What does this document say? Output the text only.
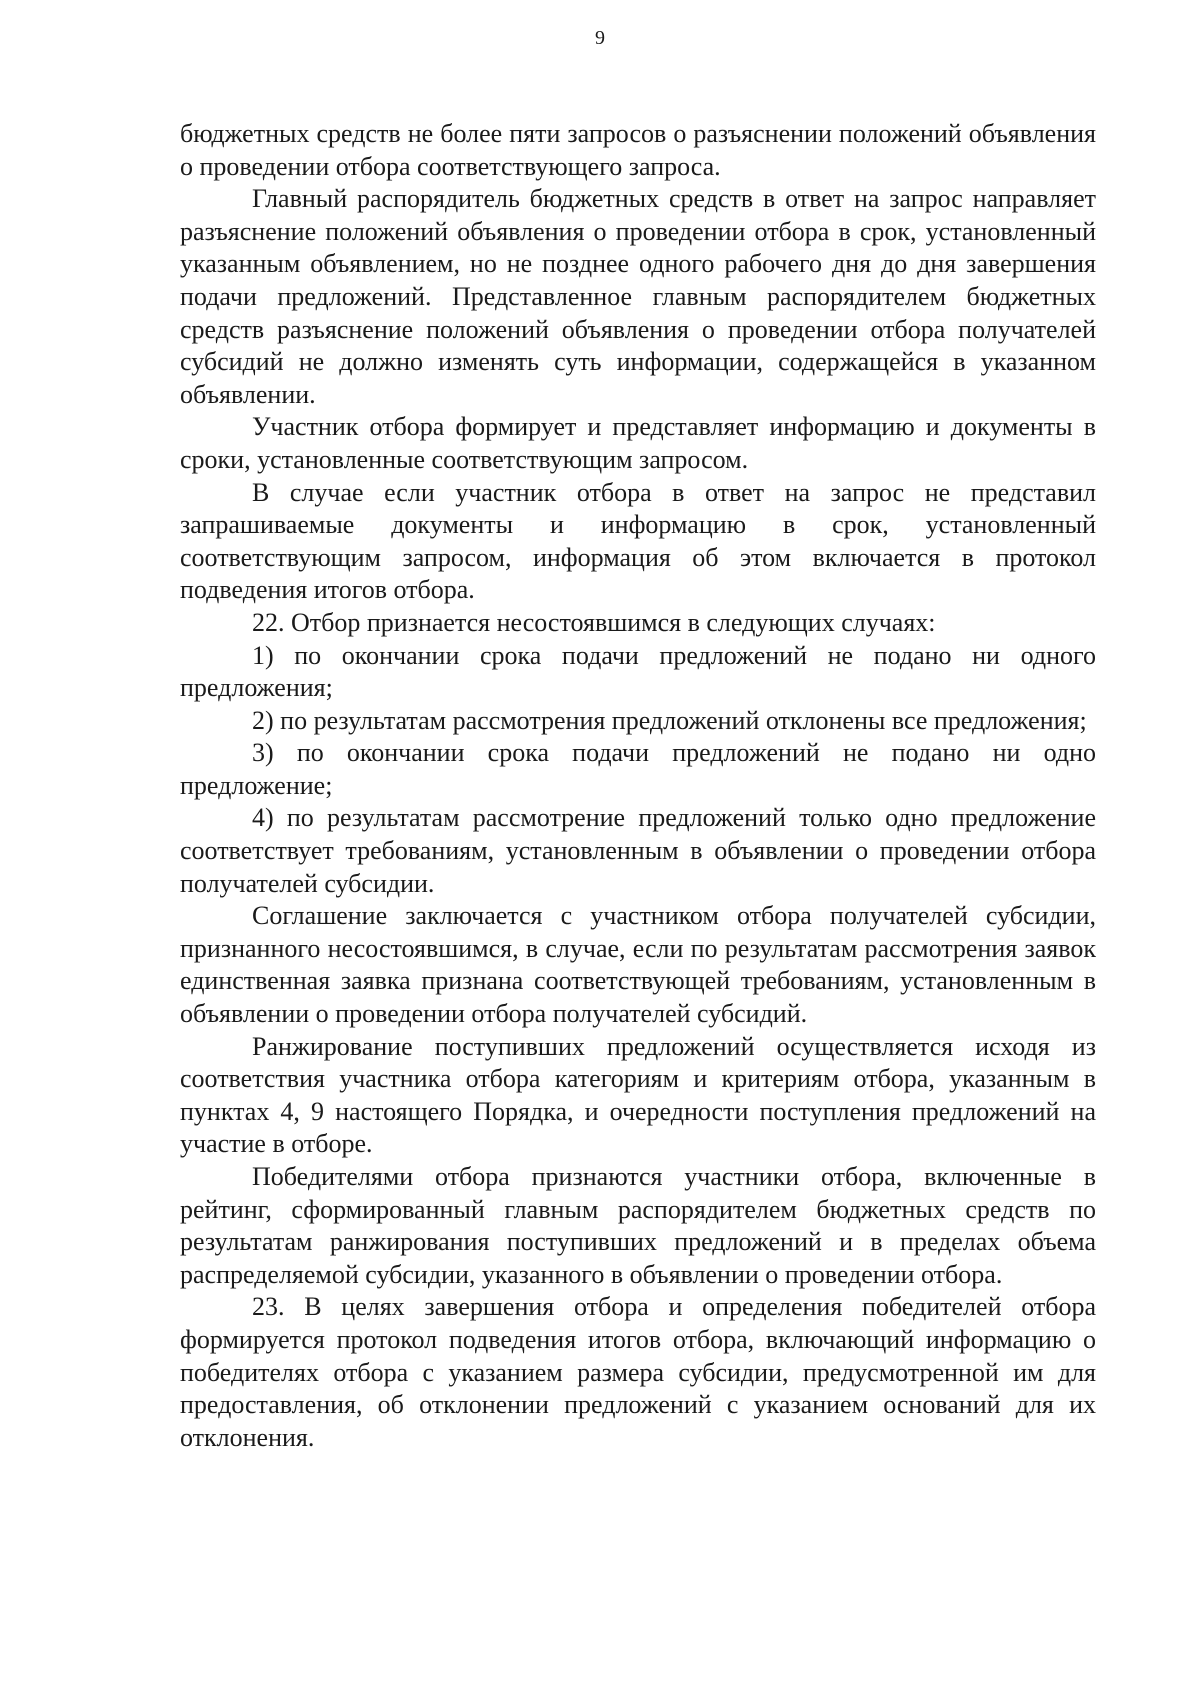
9

бюджетных средств не более пяти запросов о разъяснении положений объявления о проведении отбора соответствующего запроса.

Главный распорядитель бюджетных средств в ответ на запрос направляет разъяснение положений объявления о проведении отбора в срок, установленный указанным объявлением, но не позднее одного рабочего дня до дня завершения подачи предложений. Представленное главным распорядителем бюджетных средств разъяснение положений объявления о проведении отбора получателей субсидий не должно изменять суть информации, содержащейся в указанном объявлении.

Участник отбора формирует и представляет информацию и документы в сроки, установленные соответствующим запросом.

В случае если участник отбора в ответ на запрос не представил запрашиваемые документы и информацию в срок, установленный соответствующим запросом, информация об этом включается в протокол подведения итогов отбора.

22. Отбор признается несостоявшимся в следующих случаях:

1) по окончании срока подачи предложений не подано ни одного предложения;

2) по результатам рассмотрения предложений отклонены все предложения;

3) по окончании срока подачи предложений не подано ни одно предложение;

4) по результатам рассмотрение предложений только одно предложение соответствует требованиям, установленным в объявлении о проведении отбора получателей субсидии.

Соглашение заключается с участником отбора получателей субсидии, признанного несостоявшимся, в случае, если по результатам рассмотрения заявок единственная заявка признана соответствующей требованиям, установленным в объявлении о проведении отбора получателей субсидий.

Ранжирование поступивших предложений осуществляется исходя из соответствия участника отбора категориям и критериям отбора, указанным в пунктах 4, 9 настоящего Порядка, и очередности поступления предложений на участие в отборе.

Победителями отбора признаются участники отбора, включенные в рейтинг, сформированный главным распорядителем бюджетных средств по результатам ранжирования поступивших предложений и в пределах объема распределяемой субсидии, указанного в объявлении о проведении отбора.

23. В целях завершения отбора и определения победителей отбора формируется протокол подведения итогов отбора, включающий информацию о победителях отбора с указанием размера субсидии, предусмотренной им для предоставления, об отклонении предложений с указанием оснований для их отклонения.
